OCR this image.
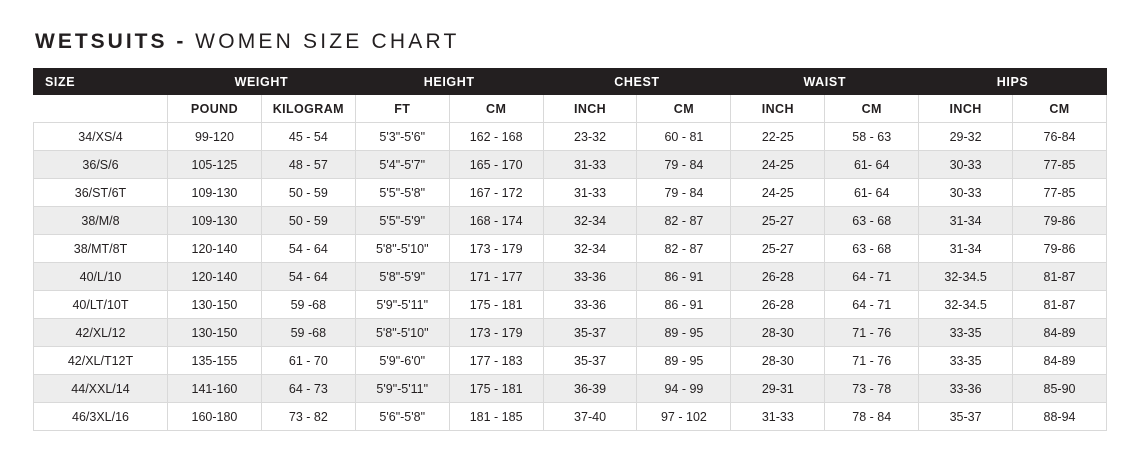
WETSUITS - WOMEN SIZE CHART
SIZE	WEIGHT		HEIGHT		CHEST		WAIST		HIPS	
	POUND	KILOGRAM	FT	CM	INCH	CM	INCH	CM	INCH	CM
34/XS/4	99-120	45 - 54	5'3"-5'6"	162 - 168	23-32	60 - 81	22-25	58 - 63	29-32	76-84
36/S/6	105-125	48 - 57	5'4"-5'7"	165 - 170	31-33	79 - 84	24-25	61- 64	30-33	77-85
36/ST/6T	109-130	50 - 59	5'5"-5'8"	167 - 172	31-33	79 - 84	24-25	61- 64	30-33	77-85
38/M/8	109-130	50 - 59	5'5"-5'9"	168 - 174	32-34	82 - 87	25-27	63 - 68	31-34	79-86
38/MT/8T	120-140	54 - 64	5'8"-5'10"	173 - 179	32-34	82 - 87	25-27	63 - 68	31-34	79-86
40/L/10	120-140	54 - 64	5'8"-5'9"	171 - 177	33-36	86 - 91	26-28	64 - 71	32-34.5	81-87
40/LT/10T	130-150	59 -68	5'9"-5'11"	175 - 181	33-36	86 - 91	26-28	64 - 71	32-34.5	81-87
42/XL/12	130-150	59 -68	5'8"-5'10"	173 - 179	35-37	89 - 95	28-30	71 - 76	33-35	84-89
42/XL/T12T	135-155	61 - 70	5'9"-6'0"	177 - 183	35-37	89 - 95	28-30	71 - 76	33-35	84-89
44/XXL/14	141-160	64 - 73	5'9"-5'11"	175 - 181	36-39	94 - 99	29-31	73 - 78	33-36	85-90
46/3XL/16	160-180	73 - 82	5'6"-5'8"	181 - 185	37-40	97 - 102	31-33	78 - 84	35-37	88-94
